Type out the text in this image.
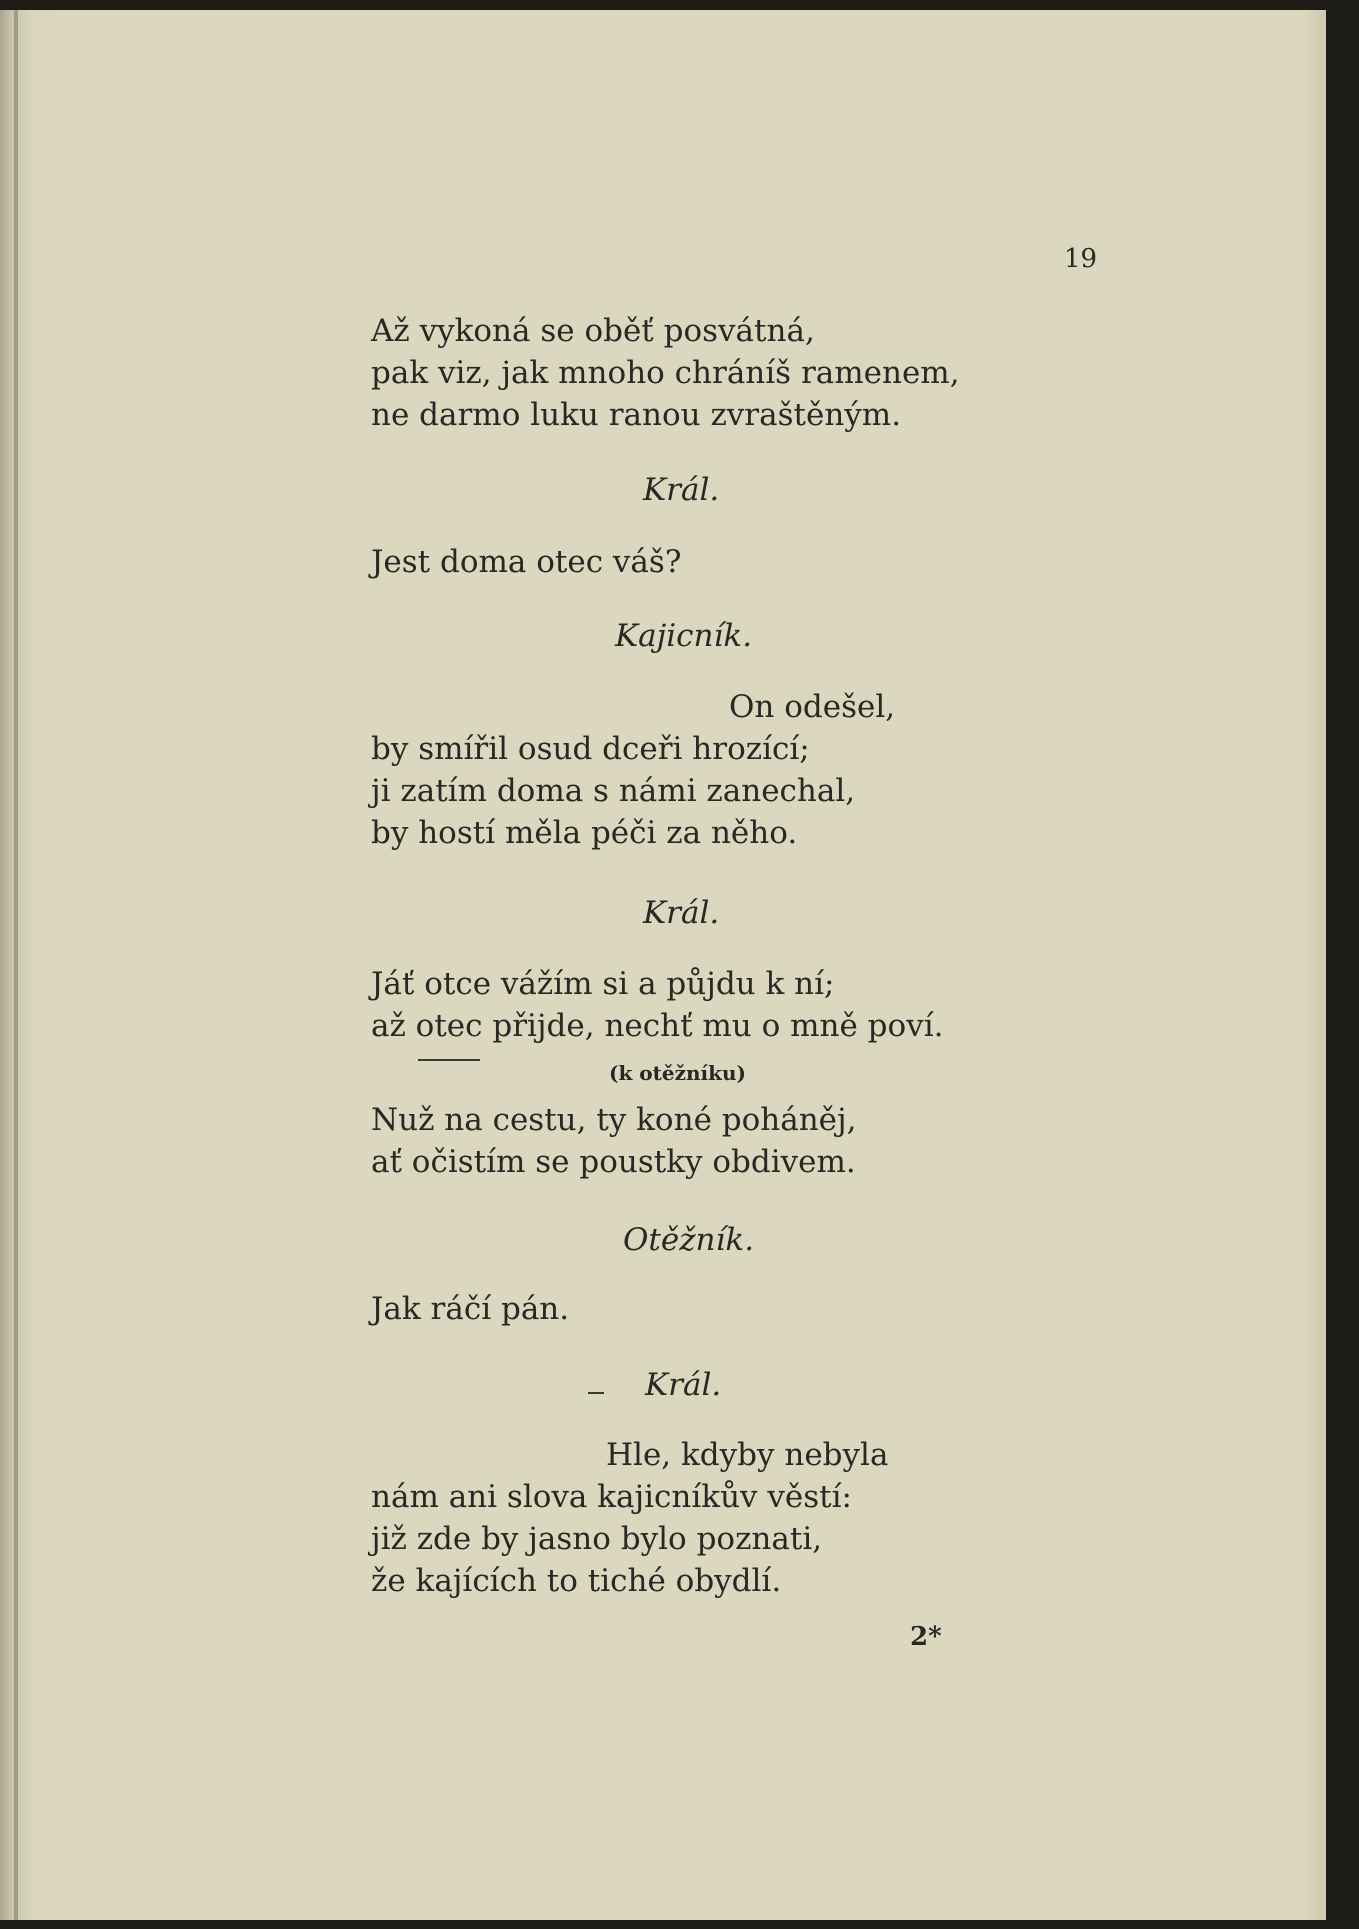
19
Až vykoná se oběť posvátná,
pak viz, jak mnoho chráníš ramenem,
ne darmo luku ranou zvraštěným.
Král.
Jest doma otec váš?
Kajicník.
On odešel,
by smířil osud dceři hrozící;
ji zatím doma s námi zanechal,
by hostí měla péči za něho.
Král.
Jáť otce vážím si a půjdu k ní;
až otec přijde, nechť mu o mně poví.
(k otěžníku)
Nuž na cestu, ty koné poháněj,
ať očistím se poustky obdivem.
Otěžník.
Jak ráčí pán.
Král.
Hle, kdyby nebyla
nám ani slova kajicníkův věstí:
již zde by jasno bylo poznati,
že kajících to tiché obydlí.
2*
